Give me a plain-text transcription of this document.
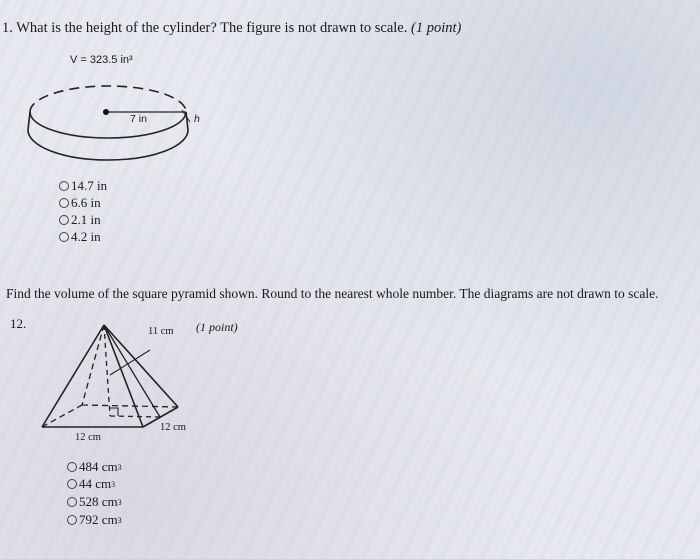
1. What is the height of the cylinder? The figure is not drawn to scale. (1 point)
V = 323.5 in³
7 in	h
14.7 in
6.6 in
2.1 in
4.2 in
Find the volume of the square pyramid shown. Round to the nearest whole number. The diagrams are not drawn to scale.
12.
11 cm (1 point)
12 cm
12 cm
484 cm 3
44 cm 3
528 cm 3
792 cm 3
